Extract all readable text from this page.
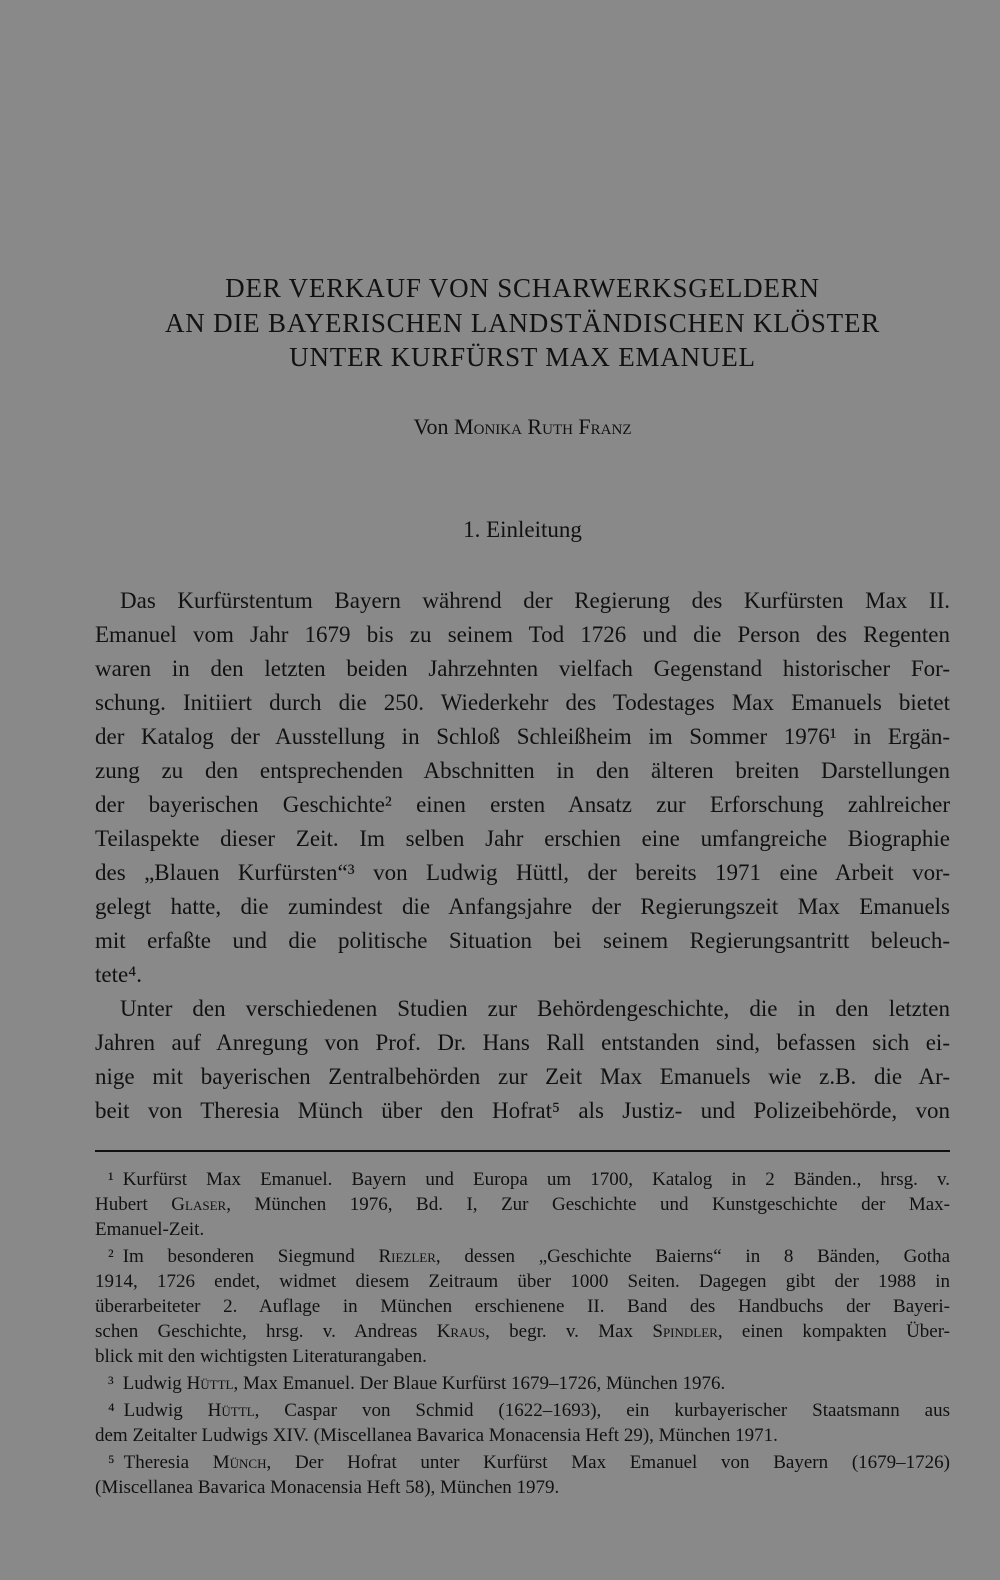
DER VERKAUF VON SCHARWERKSGELDERN
AN DIE BAYERISCHEN LANDSTÄNDISCHEN KLÖSTER
UNTER KURFÜRST MAX EMANUEL
Von Monika Ruth Franz
1. Einleitung
Das Kurfürstentum Bayern während der Regierung des Kurfürsten Max II.
Emanuel vom Jahr 1679 bis zu seinem Tod 1726 und die Person des Regenten
waren in den letzten beiden Jahrzehnten vielfach Gegenstand historischer For-
schung. Initiiert durch die 250. Wiederkehr des Todestages Max Emanuels bietet
der Katalog der Ausstellung in Schloß Schleißheim im Sommer 1976¹ in Ergän-
zung zu den entsprechenden Abschnitten in den älteren breiten Darstellungen
der bayerischen Geschichte² einen ersten Ansatz zur Erforschung zahlreicher
Teilaspekte dieser Zeit. Im selben Jahr erschien eine umfangreiche Biographie
des „Blauen Kurfürsten“³ von Ludwig Hüttl, der bereits 1971 eine Arbeit vor-
gelegt hatte, die zumindest die Anfangsjahre der Regierungszeit Max Emanuels
mit erfaßte und die politische Situation bei seinem Regierungsantritt beleuch-
tete⁴.
Unter den verschiedenen Studien zur Behördengeschichte, die in den letzten
Jahren auf Anregung von Prof. Dr. Hans Rall entstanden sind, befassen sich ei-
nige mit bayerischen Zentralbehörden zur Zeit Max Emanuels wie z.B. die Ar-
beit von Theresia Münch über den Hofrat⁵ als Justiz- und Polizeibehörde, von
¹ Kurfürst Max Emanuel. Bayern und Europa um 1700, Katalog in 2 Bänden., hrsg. v.
Hubert Glaser, München 1976, Bd. I, Zur Geschichte und Kunstgeschichte der Max-
Emanuel-Zeit.
² Im besonderen Siegmund Riezler, dessen „Geschichte Baierns“ in 8 Bänden, Gotha
1914, 1726 endet, widmet diesem Zeitraum über 1000 Seiten. Dagegen gibt der 1988 in
überarbeiteter 2. Auflage in München erschienene II. Band des Handbuchs der Bayeri-
schen Geschichte, hrsg. v. Andreas Kraus, begr. v. Max Spindler, einen kompakten Über-
blick mit den wichtigsten Literaturangaben.
³ Ludwig Hüttl, Max Emanuel. Der Blaue Kurfürst 1679–1726, München 1976.
⁴ Ludwig Hüttl, Caspar von Schmid (1622–1693), ein kurbayerischer Staatsmann aus
dem Zeitalter Ludwigs XIV. (Miscellanea Bavarica Monacensia Heft 29), München 1971.
⁵ Theresia Münch, Der Hofrat unter Kurfürst Max Emanuel von Bayern (1679–1726)
(Miscellanea Bavarica Monacensia Heft 58), München 1979.
